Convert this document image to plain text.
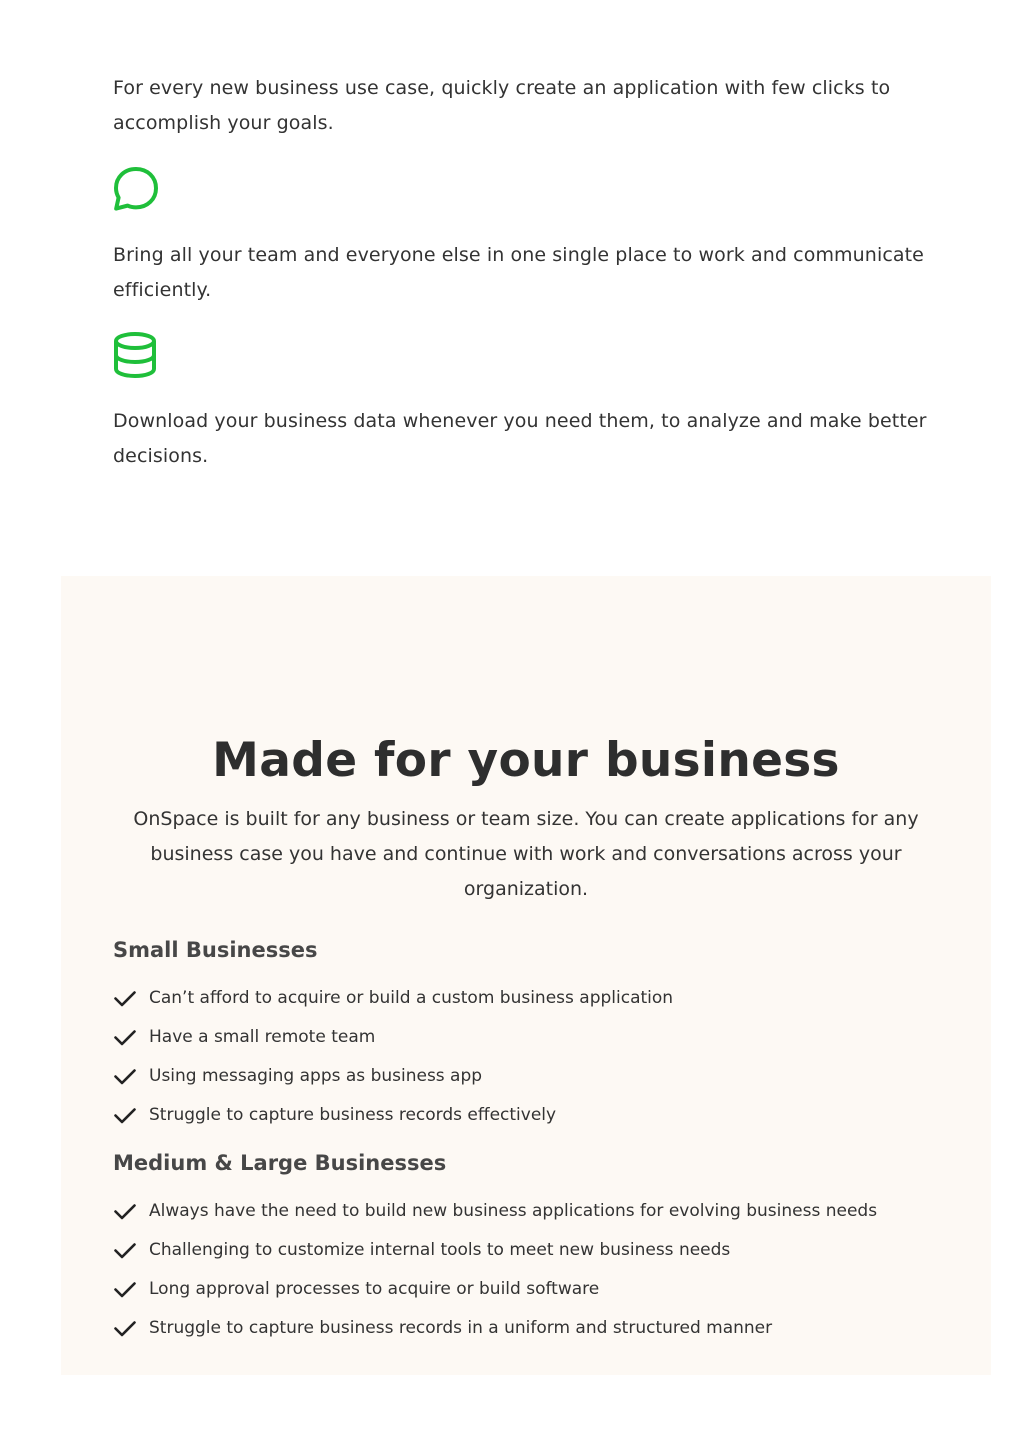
For every new business use case, quickly create an application with few clicks to accomplish your goals.

Bring all your team and everyone else in one single place to work and communicate efficiently.

Download your business data whenever you need them, to analyze and make better decisions.

Made for your business

OnSpace is built for any business or team size. You can create applications for any business case you have and continue with work and conversations across your organization.

Small Businesses
Can’t afford to acquire or build a custom business application
Have a small remote team
Using messaging apps as business app
Struggle to capture business records effectively
Medium & Large Businesses
Always have the need to build new business applications for evolving business needs
Challenging to customize internal tools to meet new business needs
Long approval processes to acquire or build software
Struggle to capture business records in a uniform and structured manner
